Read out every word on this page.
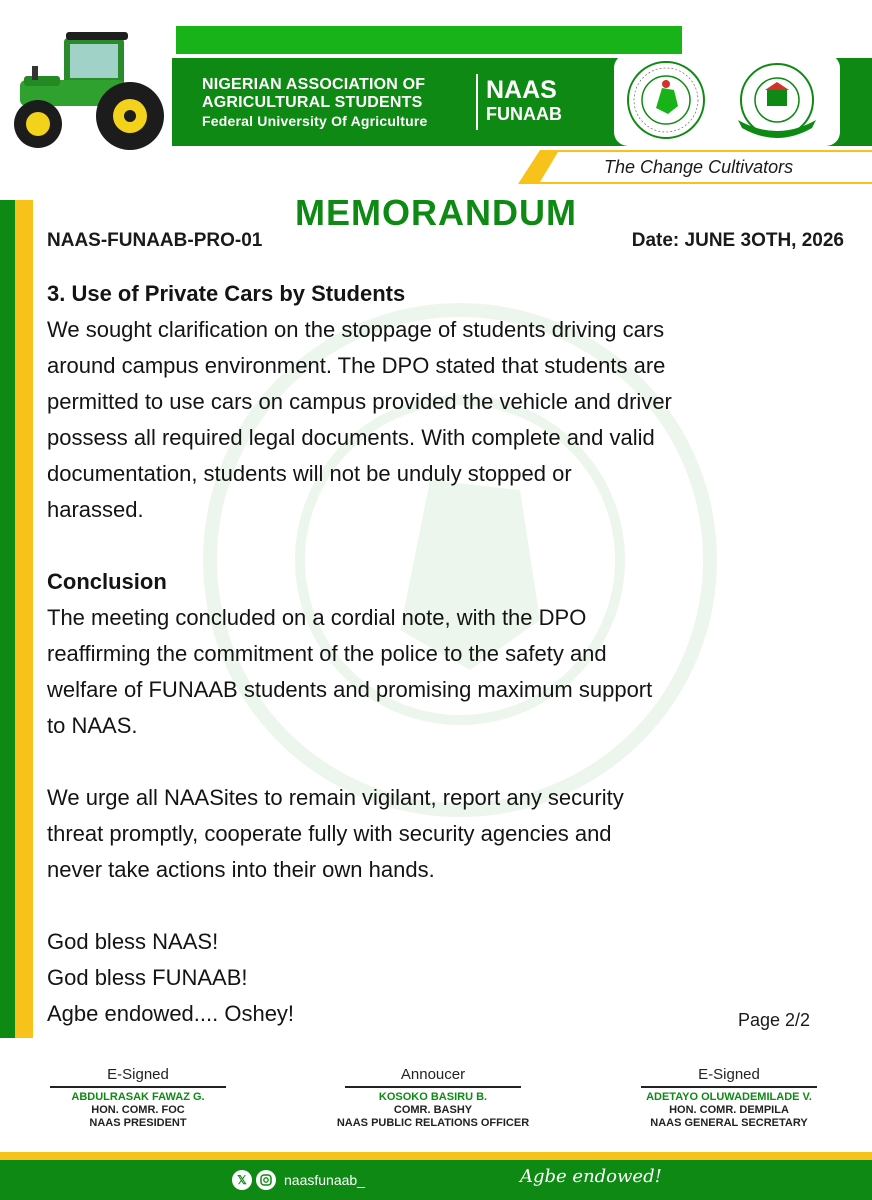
NIGERIAN ASSOCIATION OF
AGRICULTURAL STUDENTS
Federal University Of Agriculture
NAAS
FUNAAB
The Change Cultivators
MEMORANDUM
NAAS-FUNAAB-PRO-01	Date: JUNE 3OTH, 2026

3. Use of Private Cars by Students

We sought clarification on the stoppage of students driving cars

around campus environment. The DPO stated that students are

permitted to use cars on campus provided the vehicle and driver

possess all required legal documents. With complete and valid

documentation, students will not be unduly stopped or

harassed.

Conclusion

The meeting concluded on a cordial note, with the DPO

reaffirming the commitment of the police to the safety and

welfare of FUNAAB students and promising maximum support

to NAAS.

We urge all NAASites to remain vigilant, report any security

threat promptly, cooperate fully with security agencies and

never take actions into their own hands.

God bless NAAS!

God bless FUNAAB!

Agbe endowed.... Oshey!	Page 2/2
E-Signed
ABDULRASAK FAWAZ G.
HON. COMR. FOC
NAAS PRESIDENT
Annoucer
KOSOKO BASIRU B.
COMR. BASHY
NAAS PUBLIC RELATIONS OFFICER
E-Signed
ADETAYO OLUWADEMILADE V.
HON. COMR. DEMPILA
NAAS GENERAL SECRETARY
𝕏	naasfunaab_	Agbe endowed!
